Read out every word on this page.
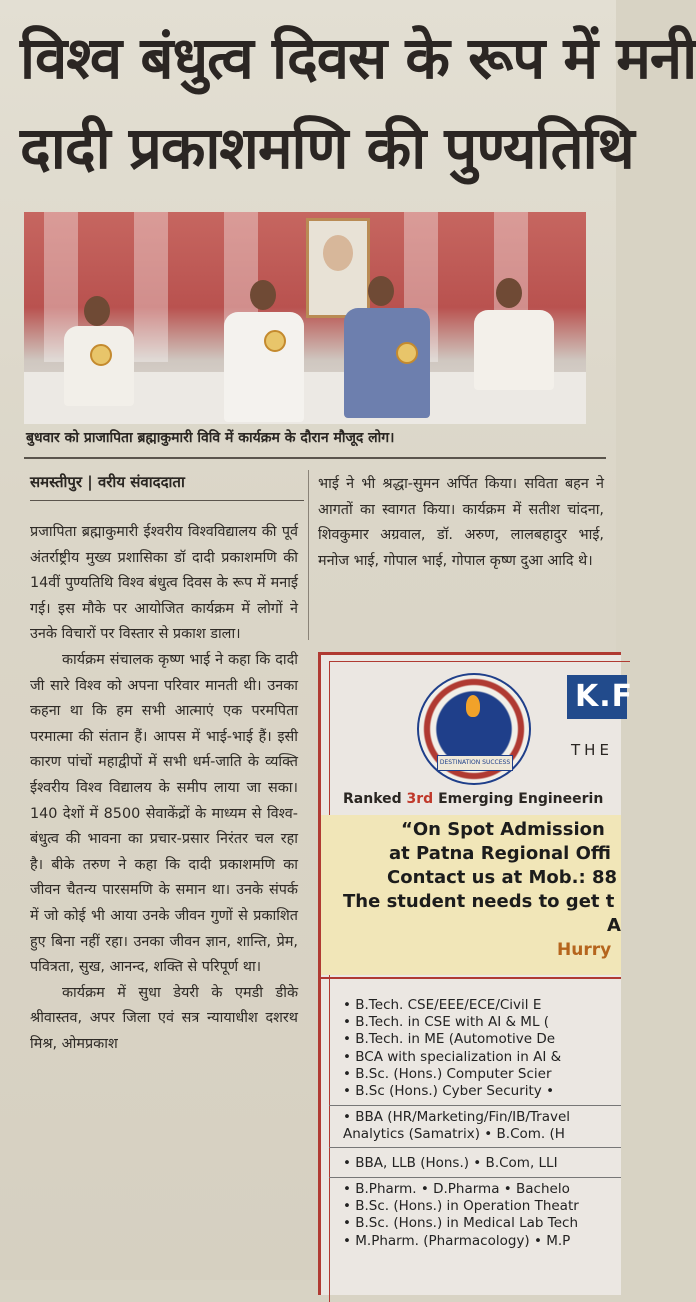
विश्व बंधुत्व दिवस के रूप में मनी
दादी प्रकाशमणि की पुण्यतिथि
बुधवार को प्राजापिता ब्रह्माकुमारी विवि में कार्यक्रम के दौरान मौजूद लोग।
समस्तीपुर | वरीय संवाददाता

प्रजापिता ब्रह्माकुमारी ईश्वरीय विश्वविद्यालय की पूर्व अंतर्राष्ट्रीय मुख्य प्रशासिका डॉ दादी प्रकाशमणि की 14वीं पुण्यतिथि विश्व बंधुत्व दिवस के रूप में मनाई गई। इस मौके पर आयोजित कार्यक्रम में लोगों ने उनके विचारों पर विस्तार से प्रकाश डाला।

कार्यक्रम संचालक कृष्ण भाई ने कहा कि दादी जी सारे विश्व को अपना परिवार मानती थी। उनका कहना था कि हम सभी आत्माएं एक परमपिता परमात्मा की संतान हैं। आपस में भाई-भाई हैं। इसी कारण पांचों महाद्वीपों में सभी धर्म-जाति के व्यक्ति ईश्वरीय विश्व विद्यालय के समीप लाया जा सका। 140 देशों में 8500 सेवाकेंद्रों के माध्यम से विश्व-बंधुत्व की भावना का प्रचार-प्रसार निरंतर चल रहा है। बीके तरुण ने कहा कि दादी प्रकाशमणि का जीवन चैतन्य पारसमणि के समान था। उनके संपर्क में जो कोई भी आया उनके जीवन गुणों से प्रकाशित हुए बिना नहीं रहा। उनका जीवन ज्ञान, शान्ति, प्रेम, पवित्रता, सुख, आनन्द, शक्ति से परिपूर्ण था।

कार्यक्रम में सुधा डेयरी के एमडी डीके श्रीवास्तव, अपर जिला एवं सत्र न्यायाधीश दशरथ मिश्र, ओमप्रकाश

भाई ने भी श्रद्धा-सुमन अर्पित किया। सविता बहन ने आगतों का स्वागत किया। कार्यक्रम में सतीश चांदना, शिवकुमार अग्रवाल, डॉ. अरुण, लालबहादुर भाई, मनोज भाई, गोपाल भाई, गोपाल कृष्ण दुआ आदि थे।

DESTINATION SUCCESS
K.F
THE
Ranked 3rd Emerging Engineerin
“On Spot Admission
at Patna Regional Offi
Contact us at Mob.: 88
The student needs to get t
A
Hurry
• B.Tech. CSE/EEE/ECE/Civil E
• B.Tech. in CSE with AI & ML (
• B.Tech. in ME (Automotive De
• BCA with specialization in AI &
• B.Sc. (Hons.) Computer Scier
• B.Sc (Hons.) Cyber Security •
• BBA (HR/Marketing/Fin/IB/Travel
Analytics (Samatrix) • B.Com. (H
• BBA, LLB (Hons.) • B.Com, LLI
• B.Pharm. • D.Pharma • Bachelo
• B.Sc. (Hons.) in Operation Theatr
• B.Sc. (Hons.) in Medical Lab Tech
• M.Pharm. (Pharmacology) • M.P
